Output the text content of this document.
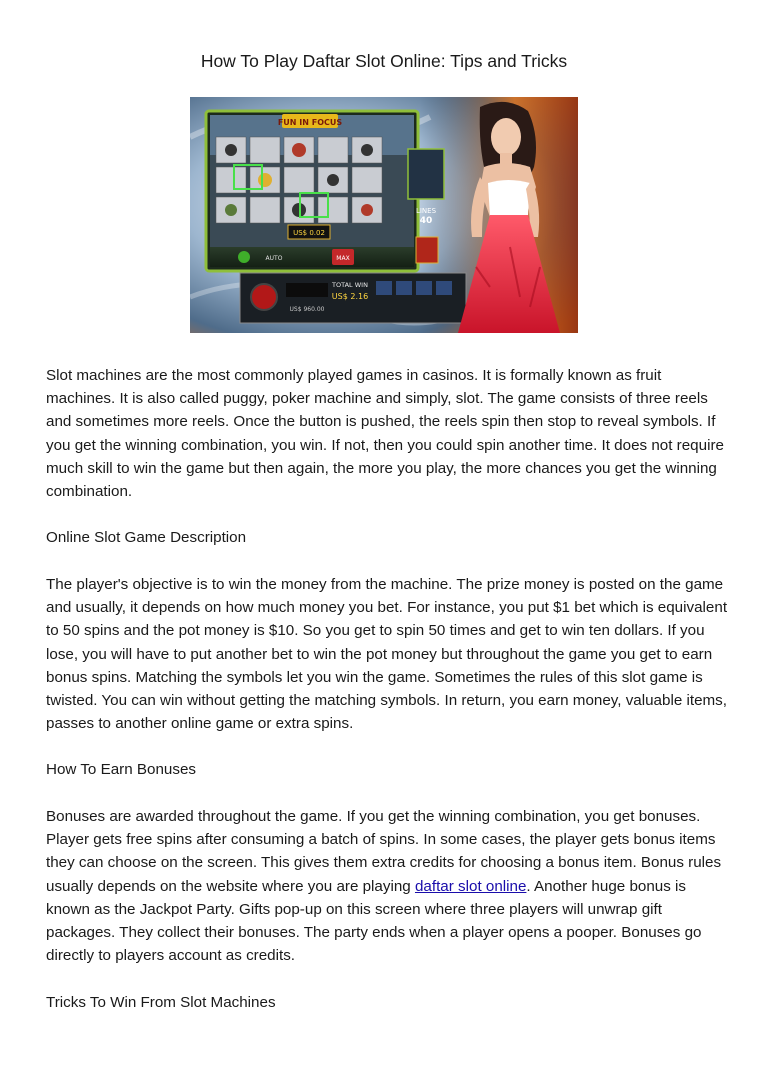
How To Play Daftar Slot Online: Tips and Tricks
FUN IN FOCUS
US$ 0.02
LINES
40
AUTO	MAX
US$ 960.00
TOTAL WIN
US$ 2.16

Slot machines are the most commonly played games in casinos. It is formally known as fruit machines. It is also called puggy, poker machine and simply, slot. The game consists of three reels and sometimes more reels. Once the button is pushed, the reels spin then stop to reveal symbols. If you get the winning combination, you win. If not, then you could spin another time. It does not require much skill to win the game but then again, the more you play, the more chances you get the winning combination.

Online Slot Game Description

The player's objective is to win the money from the machine. The prize money is posted on the game and usually, it depends on how much money you bet. For instance, you put $1 bet which is equivalent to 50 spins and the pot money is $10. So you get to spin 50 times and get to win ten dollars. If you lose, you will have to put another bet to win the pot money but throughout the game you get to earn bonus spins. Matching the symbols let you win the game. Sometimes the rules of this slot game is twisted. You can win without getting the matching symbols. In return, you earn money, valuable items, passes to another online game or extra spins.

How To Earn Bonuses

Bonuses are awarded throughout the game. If you get the winning combination, you get bonuses. Player gets free spins after consuming a batch of spins. In some cases, the player gets bonus items they can choose on the screen. This gives them extra credits for choosing a bonus item. Bonus rules usually depends on the website where you are playing daftar slot online. Another huge bonus is known as the Jackpot Party. Gifts pop-up on this screen where three players will unwrap gift packages. They collect their bonuses. The party ends when a player opens a pooper. Bonuses go directly to players account as credits.

Tricks To Win From Slot Machines
